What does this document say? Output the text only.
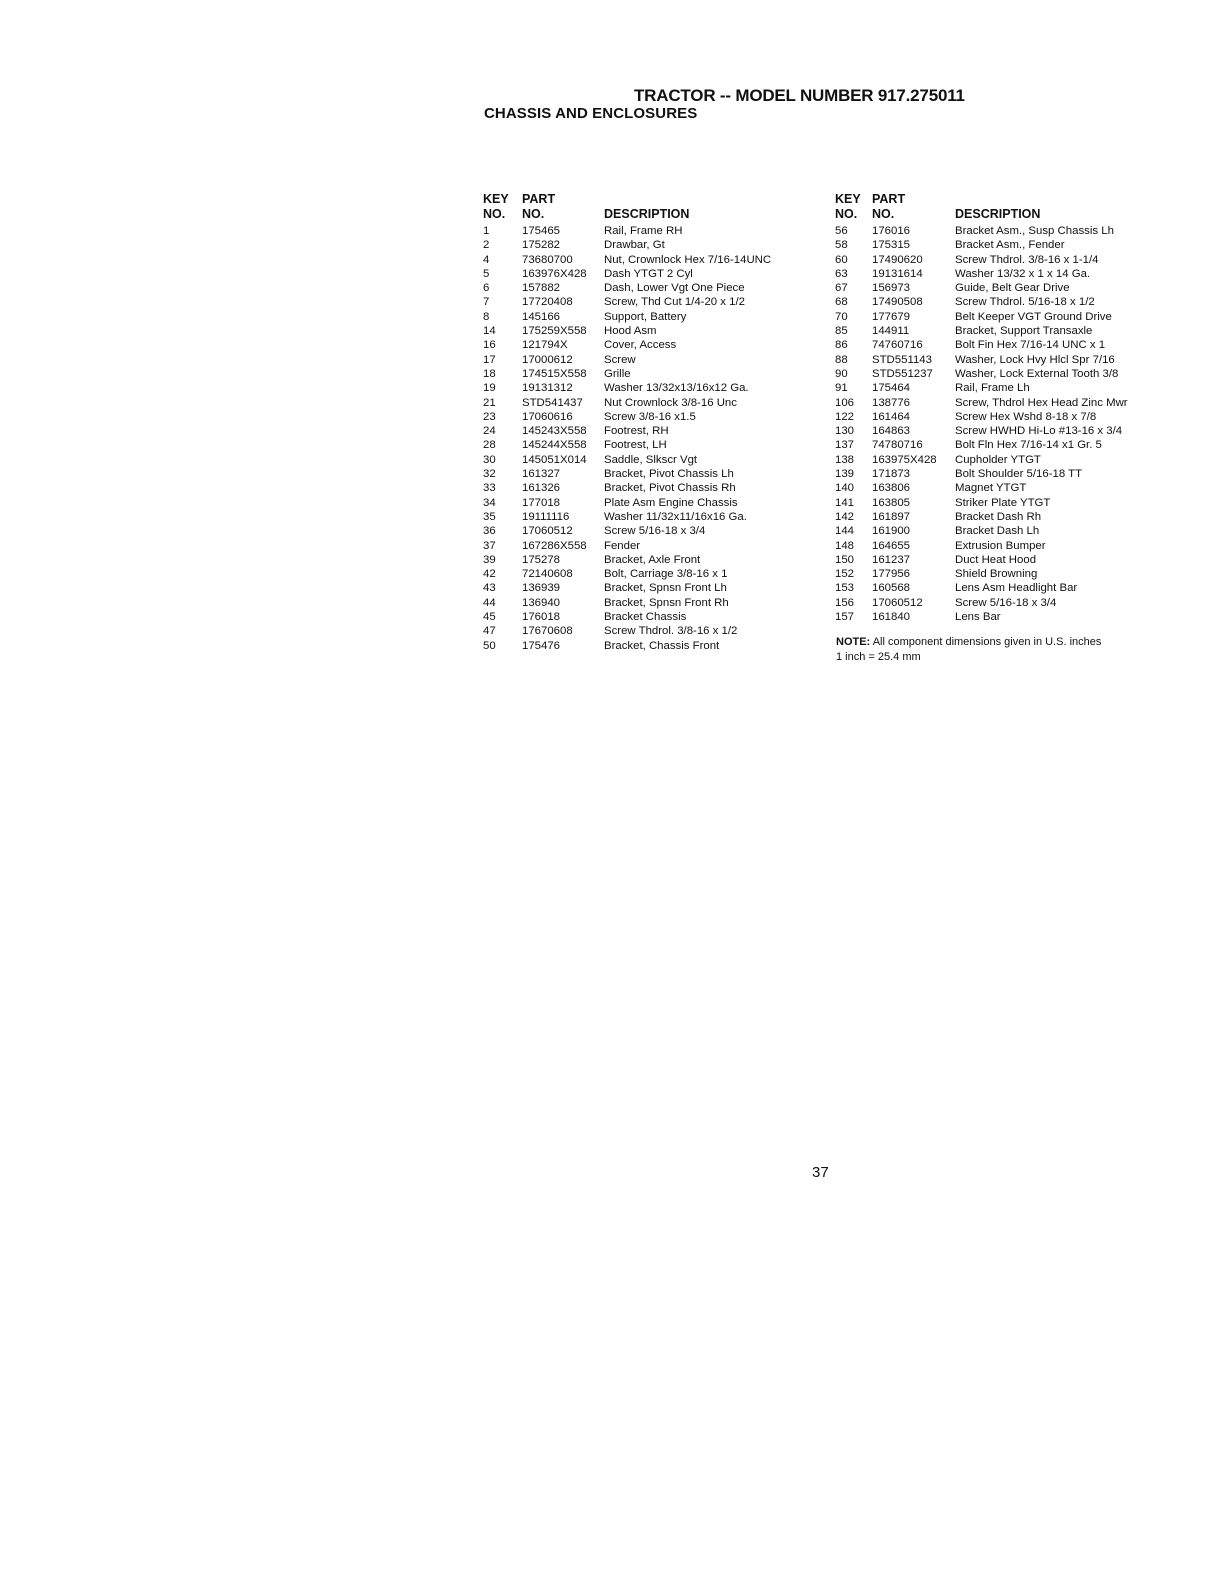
TRACTOR -- MODEL NUMBER 917.275011
CHASSIS AND ENCLOSURES
KEY	PART	
NO.	NO.	DESCRIPTION
1	175465	Rail, Frame RH
2	175282	Drawbar, Gt
4	73680700	Nut, Crownlock Hex 7/16-14UNC
5	163976X428	Dash YTGT 2 Cyl
6	157882	Dash, Lower Vgt One Piece
7	17720408	Screw, Thd Cut 1/4-20 x 1/2
8	145166	Support, Battery
14	175259X558	Hood Asm
16	121794X	Cover, Access
17	17000612	Screw
18	174515X558	Grille
19	19131312	Washer 13/32x13/16x12 Ga.
21	STD541437	Nut Crownlock 3/8-16 Unc
23	17060616	Screw 3/8-16 x1.5
24	145243X558	Footrest, RH
28	145244X558	Footrest, LH
30	145051X014	Saddle, Slkscr Vgt
32	161327	Bracket, Pivot Chassis Lh
33	161326	Bracket, Pivot Chassis Rh
34	177018	Plate Asm Engine Chassis
35	19111116	Washer 11/32x11/16x16 Ga.
36	17060512	Screw 5/16-18 x 3/4
37	167286X558	Fender
39	175278	Bracket, Axle Front
42	72140608	Bolt, Carriage 3/8-16 x 1
43	136939	Bracket, Spnsn Front Lh
44	136940	Bracket, Spnsn Front Rh
45	176018	Bracket Chassis
47	17670608	Screw Thdrol. 3/8-16 x 1/2
50	175476	Bracket, Chassis Front
KEY	PART	
NO.	NO.	DESCRIPTION
56	176016	Bracket Asm., Susp Chassis Lh
58	175315	Bracket Asm., Fender
60	17490620	Screw Thdrol. 3/8-16 x 1-1/4
63	19131614	Washer 13/32 x 1 x 14 Ga.
67	156973	Guide, Belt Gear Drive
68	17490508	Screw Thdrol. 5/16-18 x 1/2
70	177679	Belt Keeper VGT Ground Drive
85	144911	Bracket, Support Transaxle
86	74760716	Bolt Fin Hex 7/16-14 UNC x 1
88	STD551143	Washer, Lock Hvy Hlcl Spr 7/16
90	STD551237	Washer, Lock External Tooth 3/8
91	175464	Rail, Frame Lh
106	138776	Screw, Thdrol Hex Head Zinc Mwr
122	161464	Screw Hex Wshd 8-18 x 7/8
130	164863	Screw HWHD Hi-Lo #13-16 x 3/4
137	74780716	Bolt Fln Hex 7/16-14 x1 Gr. 5
138	163975X428	Cupholder YTGT
139	171873	Bolt Shoulder 5/16-18 TT
140	163806	Magnet YTGT
141	163805	Striker Plate YTGT
142	161897	Bracket Dash Rh
144	161900	Bracket Dash Lh
148	164655	Extrusion Bumper
150	161237	Duct Heat Hood
152	177956	Shield Browning
153	160568	Lens Asm Headlight Bar
156	17060512	Screw 5/16-18 x 3/4
157	161840	Lens Bar
NOTE: All component dimensions given in U.S. inches
1 inch = 25.4 mm
37
